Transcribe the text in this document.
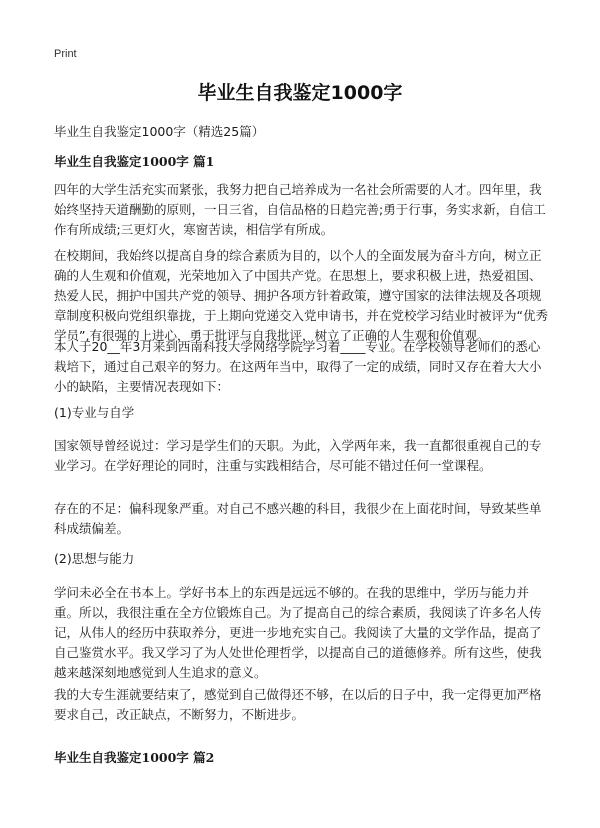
Print
毕业生自我鉴定1000字
毕业生自我鉴定1000字（精选25篇）
毕业生自我鉴定1000字 篇1

四年的大学生活充实而紧张，我努力把自己培养成为一名社会所需要的人才。四年里，我始终坚持天道酬勤的原则，一日三省，自信品格的日趋完善;勇于行事，务实求新，自信工作有所成绩;三更灯火，寒窗苦读，相信学有所成。

在校期间，我始终以提高自身的综合素质为目的，以个人的全面发展为奋斗方向，树立正确的人生观和价值观，光荣地加入了中国共产党。在思想上，要求积极上进，热爱祖国、热爱人民，拥护中国共产党的领导、拥护各项方针着政策，遵守国家的法律法规及各项规章制度积极向党组织靠拢，于上期向党递交入党申请书，并在党校学习结业时被评为“优秀学员”,有很强的上进心，勇于批评与自我批评，树立了正确的人生观和价值观。

本人于20__年3月来到西南科技大学网络学院学习着____专业。在学校领导老师们的悉心栽培下，通过自己艰辛的努力。在这两年当中，取得了一定的成绩，同时又存在着大大小小的缺陷，主要情况表现如下：

(1)专业与自学

国家领导曾经说过：学习是学生们的天职。为此，入学两年来，我一直都很重视自己的专业学习。在学好理论的同时，注重与实践相结合，尽可能不错过任何一堂课程。

存在的不足：偏科现象严重。对自己不感兴趣的科目，我很少在上面花时间，导致某些单科成绩偏差。

(2)思想与能力

学问未必全在书本上。学好书本上的东西是远远不够的。在我的思维中，学历与能力并重。所以，我很注重在全方位锻炼自己。为了提高自己的综合素质，我阅读了许多名人传记，从伟人的经历中获取养分，更进一步地充实自己。我阅读了大量的文学作品，提高了自己鉴赏水平。我又学习了为人处世伦理哲学，以提高自己的道德修养。所有这些，使我越来越深刻地感觉到人生追求的意义。

我的大专生涯就要结束了，感觉到自己做得还不够，在以后的日子中，我一定得更加严格要求自己，改正缺点，不断努力，不断进步。

毕业生自我鉴定1000字 篇2
